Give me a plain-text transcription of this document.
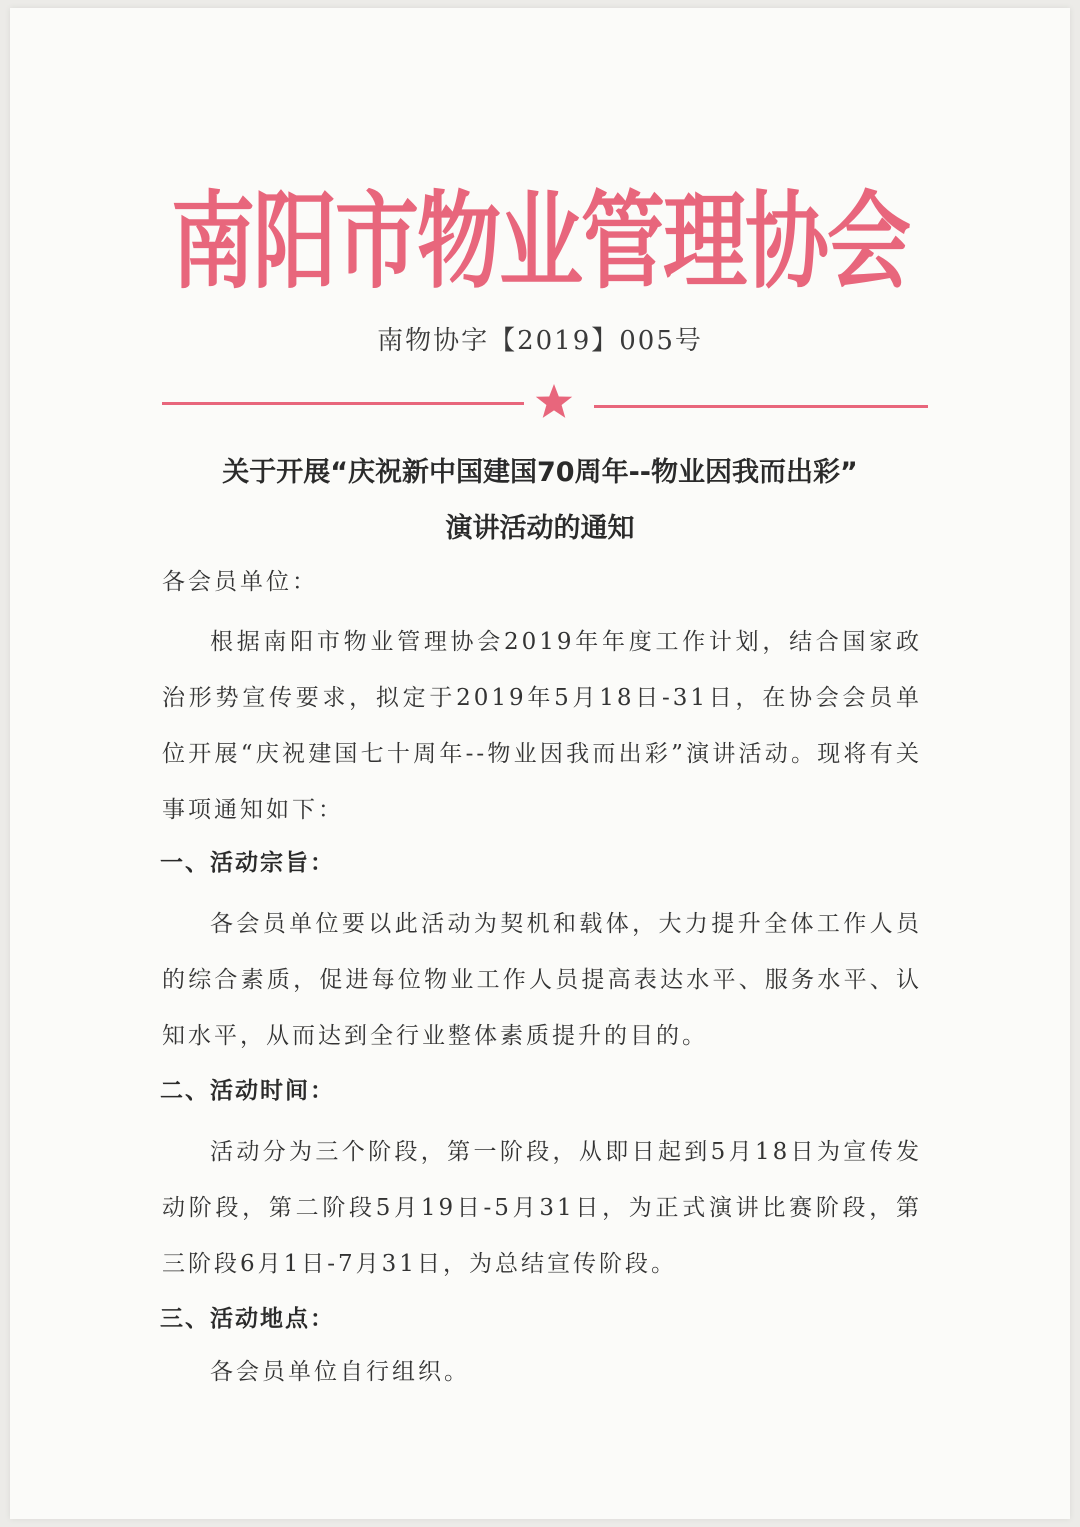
南阳市物业管理协会
南物协字【2019】005号
关于开展“庆祝新中国建国70周年--物业因我而出彩”
演讲活动的通知
各会员单位：
根据南阳市物业管理协会2019年年度工作计划，结合国家政治形势宣传要求，拟定于2019年5月18日-31日，在协会会员单位开展“庆祝建国七十周年--物业因我而出彩”演讲活动。现将有关事项通知如下：
一、活动宗旨：
各会员单位要以此活动为契机和载体，大力提升全体工作人员的综合素质，促进每位物业工作人员提高表达水平、服务水平、认知水平，从而达到全行业整体素质提升的目的。
二、活动时间：
活动分为三个阶段，第一阶段，从即日起到5月18日为宣传发动阶段，第二阶段5月19日-5月31日，为正式演讲比赛阶段，第三阶段6月1日-7月31日，为总结宣传阶段。
三、活动地点：
各会员单位自行组织。
